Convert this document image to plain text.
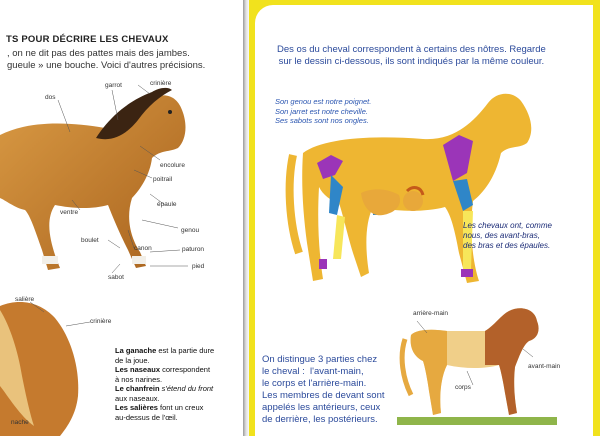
TS POUR DÉCRIRE LES CHEVAUX
, on ne dit pas des pattes mais des jambes.
gueule » une bouche. Voici d'autres précisions.
dos
garrot	crinière
encolure
poitrail
ventre
épaule
genou
boulet
canon	paturon
pied
sabot
salière
crinière
nache
La ganache est la partie dure
de la joue.
Les naseaux correspondent
à nos narines.
Le chanfrein s'étend du front
aux naseaux.
Les salières font un creux
au-dessus de l'œil.
Des os du cheval correspondent à certains des nôtres. Regarde
sur le dessin ci-dessous, ils sont indiqués par la même couleur.
Son genou est notre poignet.
Son jarret est notre cheville.
Ses sabots sont nos ongles.
Les chevaux ont, comme
nous, des avant-bras,
des bras et des épaules.
arrière-main
avant-main
corps
On distingue 3 parties chez
le cheval :  l'avant-main,
le corps et l'arrière-main.
Les membres de devant sont
appelés les antérieurs, ceux
de derrière, les postérieurs.
